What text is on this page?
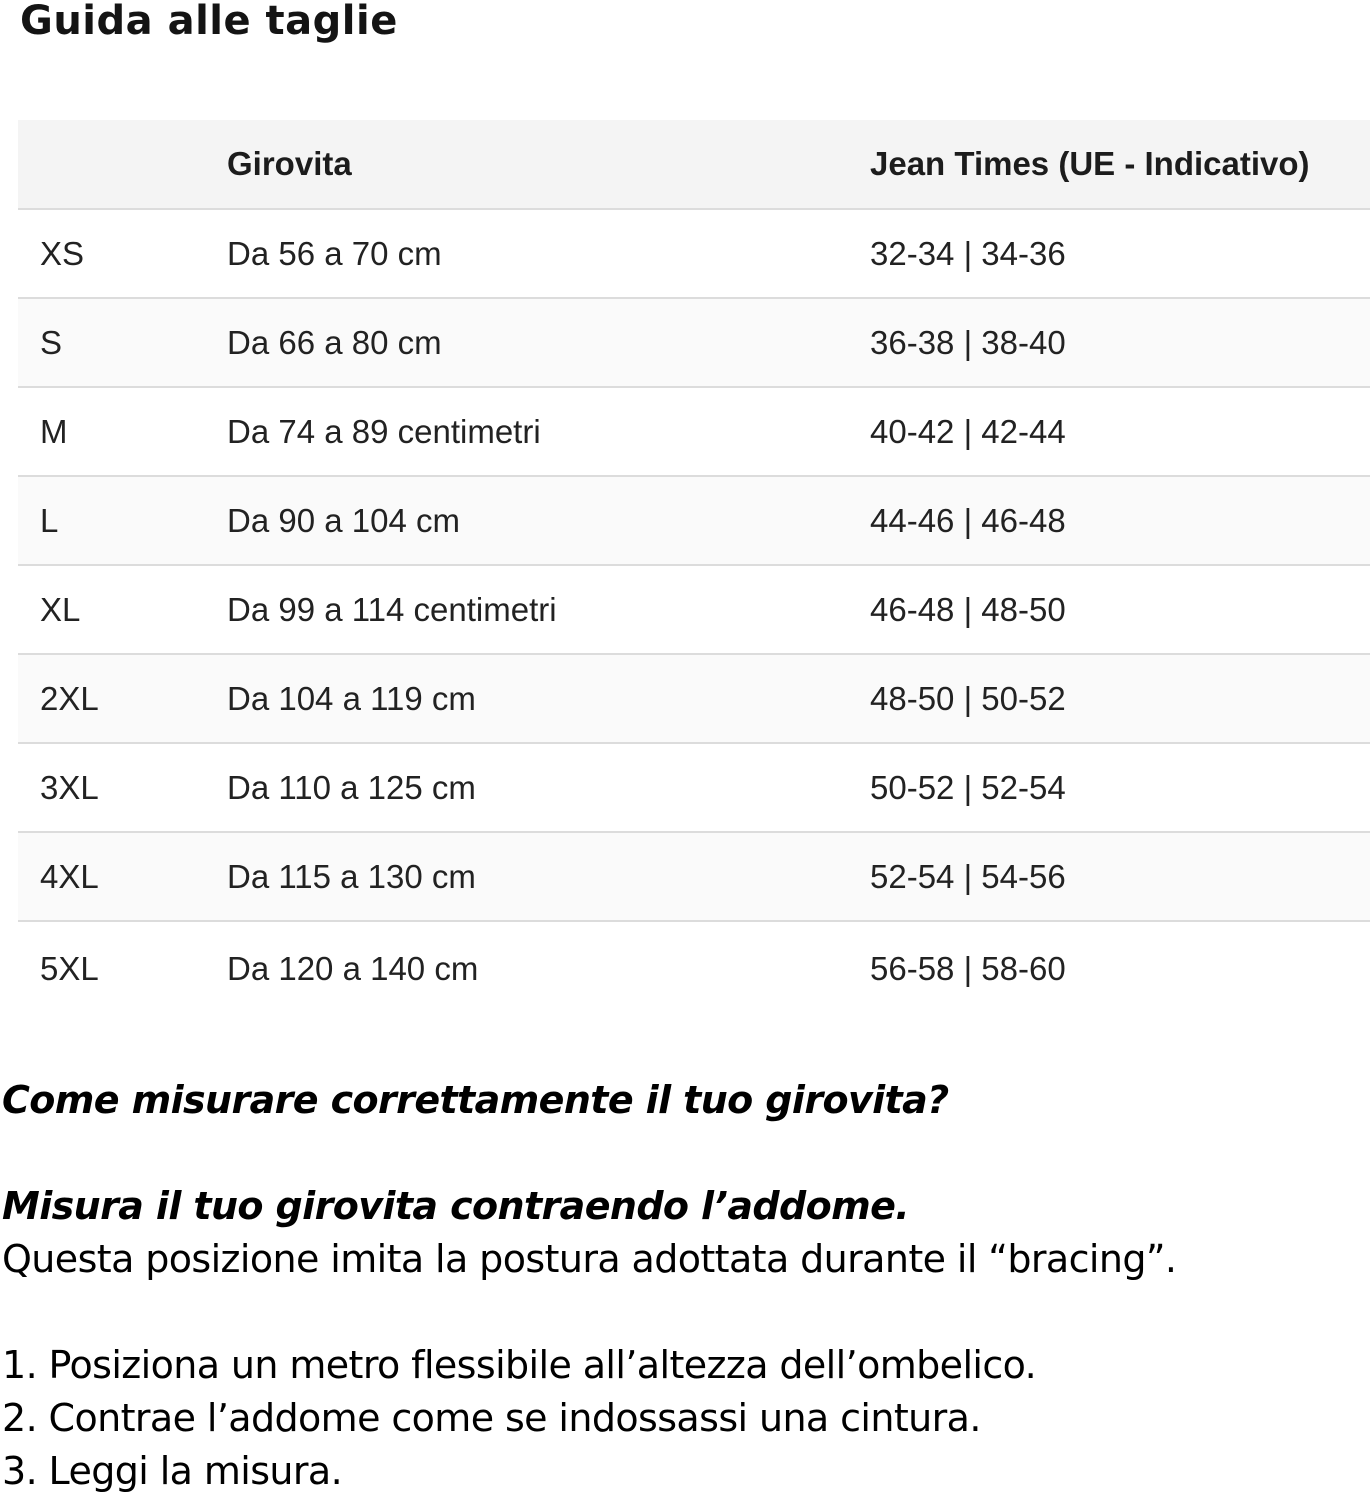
Guida alle taglie
	Girovita	Jean Times (UE - Indicativo)
XS	Da 56 a 70 cm	32-34 | 34-36
S	Da 66 a 80 cm	36-38 | 38-40
M	Da 74 a 89 centimetri	40-42 | 42-44
L	Da 90 a 104 cm	44-46 | 46-48
XL	Da 99 a 114 centimetri	46-48 | 48-50
2XL	Da 104 a 119 cm	48-50 | 50-52
3XL	Da 110 a 125 cm	50-52 | 52-54
4XL	Da 115 a 130 cm	52-54 | 54-56
5XL	Da 120 a 140 cm	56-58 | 58-60

Come misurare correttamente il tuo girovita?

Misura il tuo girovita contraendo l’addome.

Questa posizione imita la postura adottata durante il “bracing”.

1. Posiziona un metro flessibile all’altezza dell’ombelico.

2. Contrae l’addome come se indossassi una cintura.

3. Leggi la misura.
